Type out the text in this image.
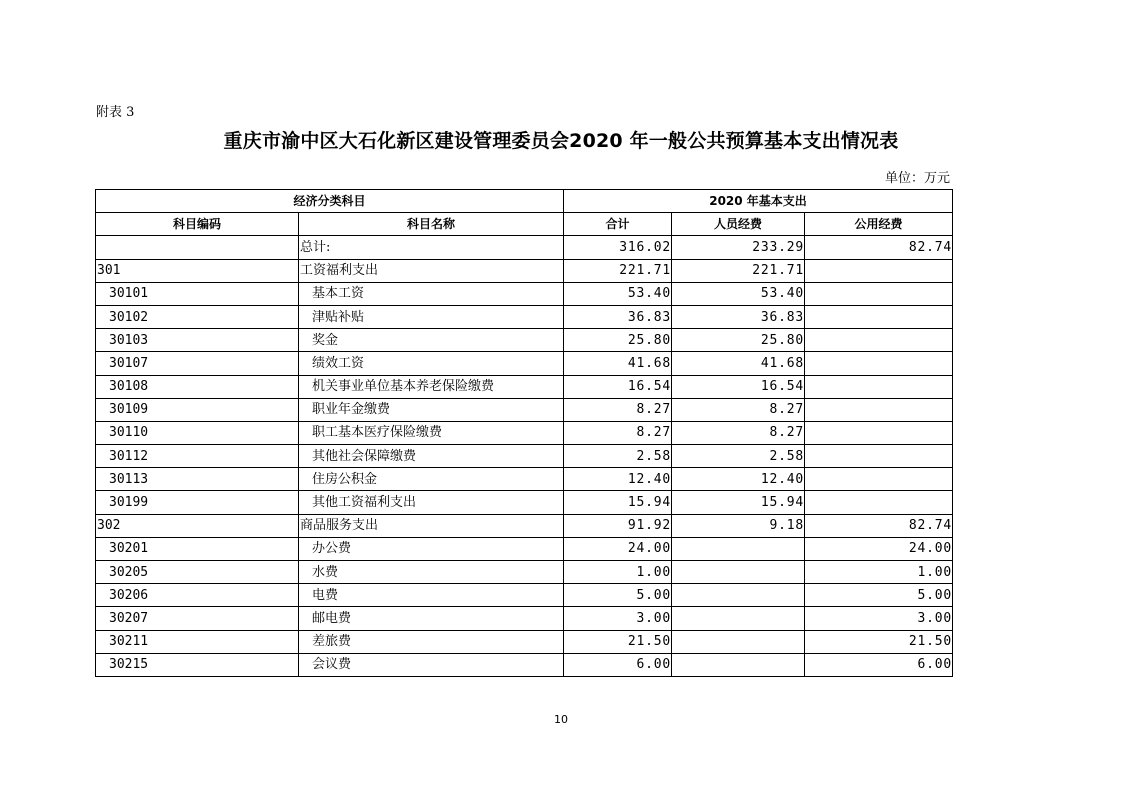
附表 3
重庆市渝中区大石化新区建设管理委员会2020 年一般公共预算基本支出情况表
单位：万元
经济分类科目		2020 年基本支出		
科目编码	科目名称	合计	人员经费	公用经费
	总计:	316.02	233.29	82.74
301	工资福利支出	221.71	221.71	
30101	基本工资	53.40	53.40	
30102	津贴补贴	36.83	36.83	
30103	奖金	25.80	25.80	
30107	绩效工资	41.68	41.68	
30108	机关事业单位基本养老保险缴费	16.54	16.54	
30109	职业年金缴费	8.27	8.27	
30110	职工基本医疗保险缴费	8.27	8.27	
30112	其他社会保障缴费	2.58	2.58	
30113	住房公积金	12.40	12.40	
30199	其他工资福利支出	15.94	15.94	
302	商品服务支出	91.92	9.18	82.74
30201	办公费	24.00		24.00
30205	水费	1.00		1.00
30206	电费	5.00		5.00
30207	邮电费	3.00		3.00
30211	差旅费	21.50		21.50
30215	会议费	6.00		6.00
10
